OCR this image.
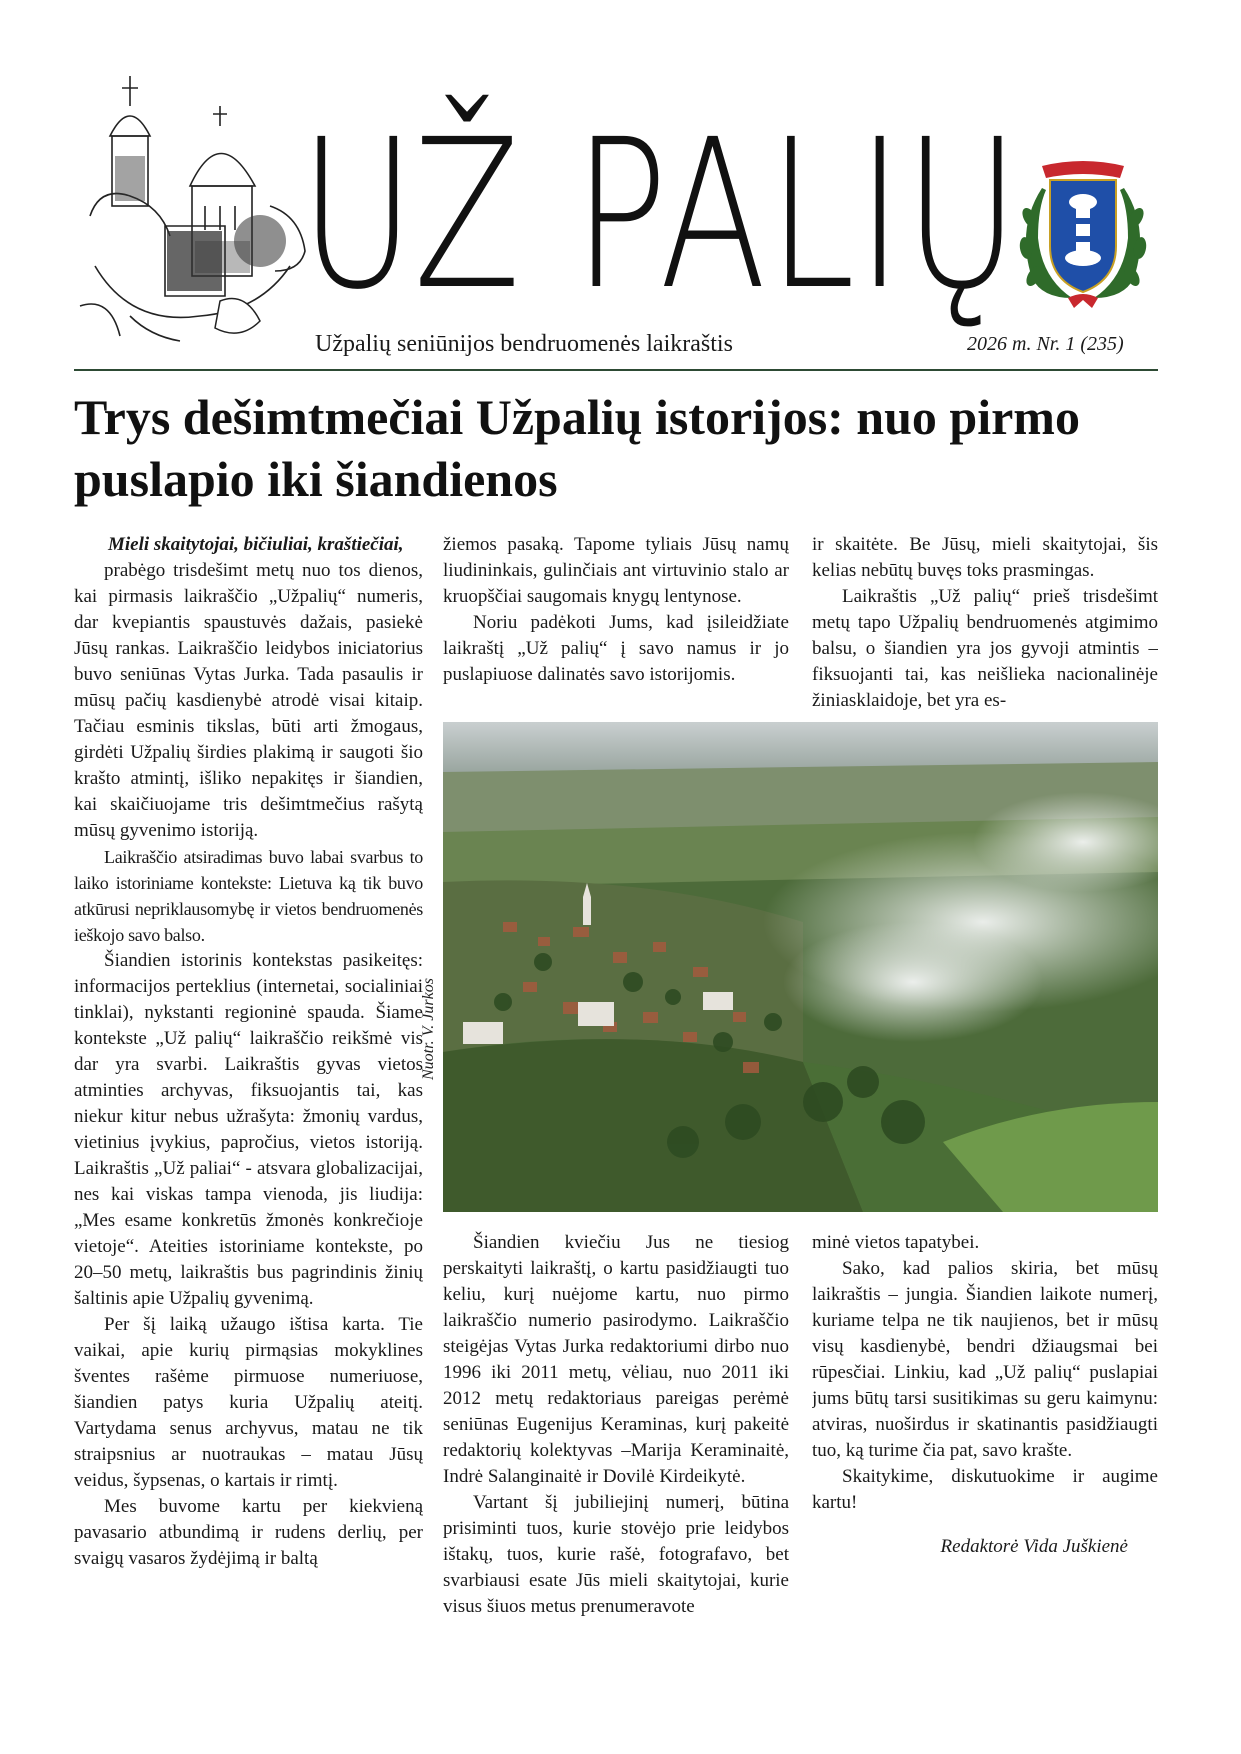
UŽ PALIŲ
Užpalių seniūnijos bendruomenės laikraštis	2026 m. Nr. 1 (235)
Trys dešimtmečiai Užpalių istorijos: nuo pirmo puslapio iki šiandienos

Mieli skaitytojai, bičiuliai, kraštiečiai,

prabėgo trisdešimt metų nuo tos dienos, kai pirmasis laikraščio „Užpalių“ numeris, dar kvepiantis spaustuvės dažais, pasiekė Jūsų rankas. Laikraščio leidybos iniciatorius buvo seniūnas Vytas Jurka. Tada pasaulis ir mūsų pačių kasdienybė atrodė visai kitaip. Tačiau esminis tikslas, būti arti žmogaus, girdėti Užpalių širdies plakimą ir saugoti šio krašto atmintį, išliko nepakitęs ir šiandien, kai skaičiuojame tris dešimtmečius rašytą mūsų gyvenimo istoriją.

Laikraščio atsiradimas buvo labai svarbus to laiko istoriniame kontekste: Lietuva ką tik buvo atkūrusi nepriklausomybę ir vietos bendruomenės ieškojo savo balso.

Šiandien istorinis kontekstas pasikeitęs: informacijos perteklius (internetai, socialiniai tinklai), nykstanti regioninė spauda. Šiame kontekste „Už palių“ laikraščio reikšmė vis dar yra svarbi. Laikraštis gyvas vietos atminties archyvas, fiksuojantis tai, kas niekur kitur nebus užrašyta: žmonių vardus, vietinius įvykius, papročius, vietos istoriją. Laikraštis „Už paliai“ - atsvara globalizacijai, nes kai viskas tampa vienoda, jis liudija: „Mes esame konkretūs žmonės konkrečioje vietoje“. Ateities istoriniame kontekste, po 20–50 metų, laikraštis bus pagrindinis žinių šaltinis apie Užpalių gyvenimą.

Per šį laiką užaugo ištisa karta. Tie vaikai, apie kurių pirmąsias mokyklines šventes rašėme pirmuose numeriuose, šiandien patys kuria Užpalių ateitį. Vartydama senus archyvus, matau ne tik straipsnius ar nuotraukas – matau Jūsų veidus, šypsenas, o kartais ir rimtį.

Mes buvome kartu per kiekvieną pavasario atbundimą ir rudens derlių, per svaigų vasaros žydėjimą ir baltą

žiemos pasaką. Tapome tyliais Jūsų namų liudininkais, gulinčiais ant virtuvinio stalo ar kruopščiai saugomais knygų lentynose.

Noriu padėkoti Jums, kad įsileidžiate laikraštį „Už palių“ į savo namus ir jo puslapiuose dalinatės savo istorijomis.

ir skaitėte. Be Jūsų, mieli skaitytojai, šis kelias nebūtų buvęs toks prasmingas.

Laikraštis „Už palių“ prieš trisdešimt metų tapo Užpalių bendruomenės atgimimo balsu, o šiandien yra jos gyvoji atmintis – fiksuojanti tai, kas neišlieka nacionalinėje žiniasklaidoje, bet yra es-

Nuotr. V. Jurkos

Šiandien kviečiu Jus ne tiesiog perskaityti laikraštį, o kartu pasidžiaugti tuo keliu, kurį nuėjome kartu, nuo pirmo laikraščio numerio pasirodymo. Laikraščio steigėjas Vytas Jurka redaktoriumi dirbo nuo 1996 iki 2011 metų, vėliau, nuo 2011 iki 2012 metų redaktoriaus pareigas perėmė seniūnas Eugenijus Keraminas, kurį pakeitė redaktorių kolektyvas –Marija Keraminaitė, Indrė Salanginaitė ir Dovilė Kirdeikytė.

Vartant šį jubiliejinį numerį, būtina prisiminti tuos, kurie stovėjo prie leidybos ištakų, tuos, kurie rašė, fotografavo, bet svarbiausi esate Jūs mieli skaitytojai, kurie visus šiuos metus prenumeravote

minė vietos tapatybei.

Sako, kad palios skiria, bet mūsų laikraštis – jungia. Šiandien laikote numerį, kuriame telpa ne tik naujienos, bet ir mūsų visų kasdienybė, bendri džiaugsmai bei rūpesčiai. Linkiu, kad „Už palių“ puslapiai jums būtų tarsi susitikimas su geru kaimynu: atviras, nuoširdus ir skatinantis pasidžiaugti tuo, ką turime čia pat, savo krašte.

Skaitykime, diskutuokime ir augime kartu!

Redaktorė Vida Juškienė
